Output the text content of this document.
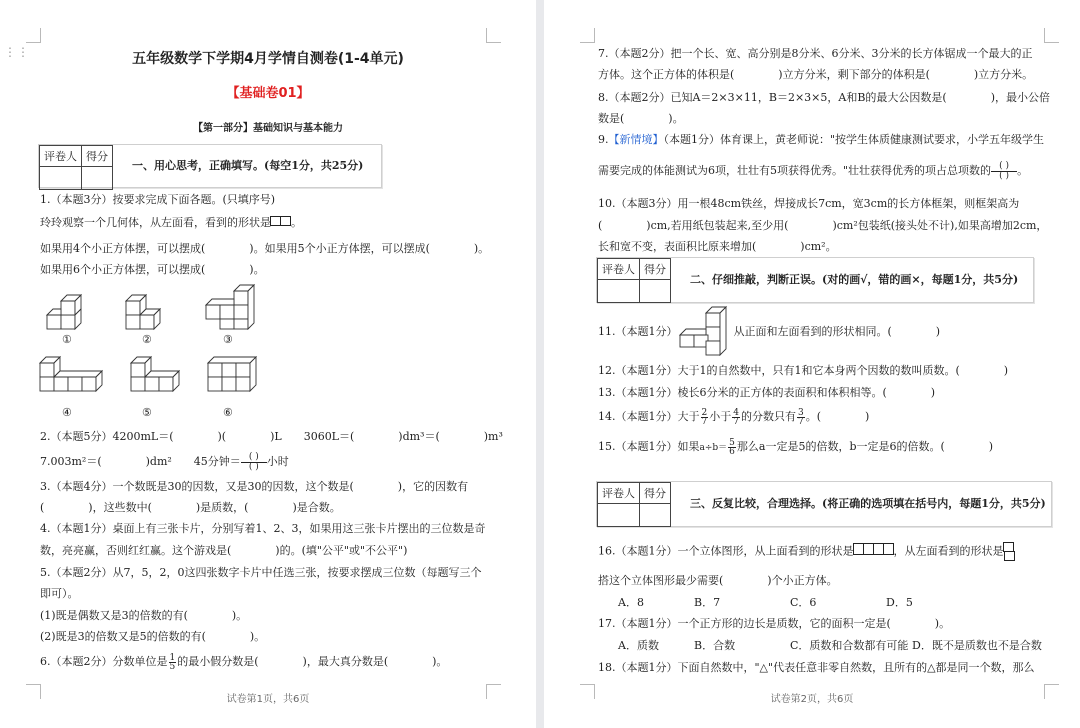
⋮⋮	五年级数学下学期4月学情自测卷(1-4单元)
【基础卷01】
【第一部分】基础知识与基本能力
评卷人	得分

一、用心思考，正确填写。(每空1分，共25分)
1.（本题3分）按要求完成下面各题。(只填序号)
玲玲观察一个几何体，从左面看，看到的形状是 。
如果用4个小正方体摆，可以摆成(　　　　)。如果用5个小正方体摆，可以摆成(　　　　)。
如果用6个小正方体摆，可以摆成(　　　　)。
①	②	③
④	⑤	⑥
2.（本题5分）4200mL＝(　　　　)(　　　　)L　　3060L＝(　　　　)dm³＝(　　　　)m³
7.003m²＝(　　　　)dm²　　45分钟＝ ( )
( ) 小时
3.（本题4分）一个数既是30的因数，又是30的因数，这个数是(　　　　)，它的因数有
(　　　　)，这些数中(　　　　)是质数，(　　　　)是合数。
4.（本题1分）桌面上有三张卡片，分别写着1、2、3，如果用这三张卡片摆出的三位数是奇
数，亮亮赢，否则红红赢。这个游戏是(　　　　)的。(填"公平"或"不公平")
5.（本题2分）从7，5，2，0这四张数字卡片中任选三张，按要求摆成三位数（每题写三个
即可）。
(1)既是偶数又是3的倍数的有(　　　　)。
(2)既是3的倍数又是5的倍数的有(　　　　)。
6.（本题2分）分数单位是 $\frac{1}{5}$ 的最小假分数是(　　　　)，最大真分数是(　　　　)。
试卷第1页，共6页
7.（本题2分）把一个长、宽、高分别是8分米、6分米、3分米的长方体锯成一个最大的正
方体。这个正方体的体积是(　　　　)立方分米，剩下部分的体积是(　　　　)立方分米。
8.（本题2分）已知A＝2×3×11，B＝2×3×5，A和B的最大公因数是(　　　　)，最小公倍
数是(　　　　)。
9.【新情境】（本题1分）体育课上，黄老师说："按学生体质健康测试要求，小学五年级学生
需要完成的体能测试为6项，壮壮有5项获得优秀。"壮壮获得优秀的项占总项数的 ( )
( ) 。
10.（本题3分）用一根48cm铁丝，焊接成长7cm，宽3cm的长方体框架，则框架高为
(　　　　)cm,若用纸包装起来,至少用(　　　　)cm²包装纸(接头处不计),如果高增加2cm，
长和宽不变，表面积比原来增加(　　　　)cm²。
评卷人	得分

二、仔细推敲，判断正误。(对的画√，错的画×，每题1分，共5分)
11.（本题1分）	从正面和左面看到的形状相同。(　　　　)
12.（本题1分）大于1的自然数中，只有1和它本身两个因数的数叫质数。(　　　　)
13.（本题1分）棱长6分米的正方体的表面积和体积相等。(　　　　)
14.（本题1分）大于 $\frac{2}{7}$ 小于 $\frac{4}{7}$ 的分数只有 $\frac{3}{7}$ 。(　　　　)
15.（本题1分）如果$a\div b= \frac{5}{6}$ 那么a一定是5的倍数，b一定是6的倍数。(　　　　)
评卷人	得分

三、反复比较，合理选择。(将正确的选项填在括号内，每题1分，共5分)
16.（本题1分）一个立体图形，从上面看到的形状是	，从左面看到的形状是
搭这个立体图形最少需要(　　　　)个小正方体。
A．8	B．7	C．6	D．5
17.（本题1分）一个正方形的边长是质数，它的面积一定是(　　　　)。
A．质数	B．合数	C．质数和合数都有可能 D．既不是质数也不是合数
18.（本题1分）下面自然数中，"△"代表任意非零自然数，且所有的△都是同一个数，那么
试卷第2页，共6页
